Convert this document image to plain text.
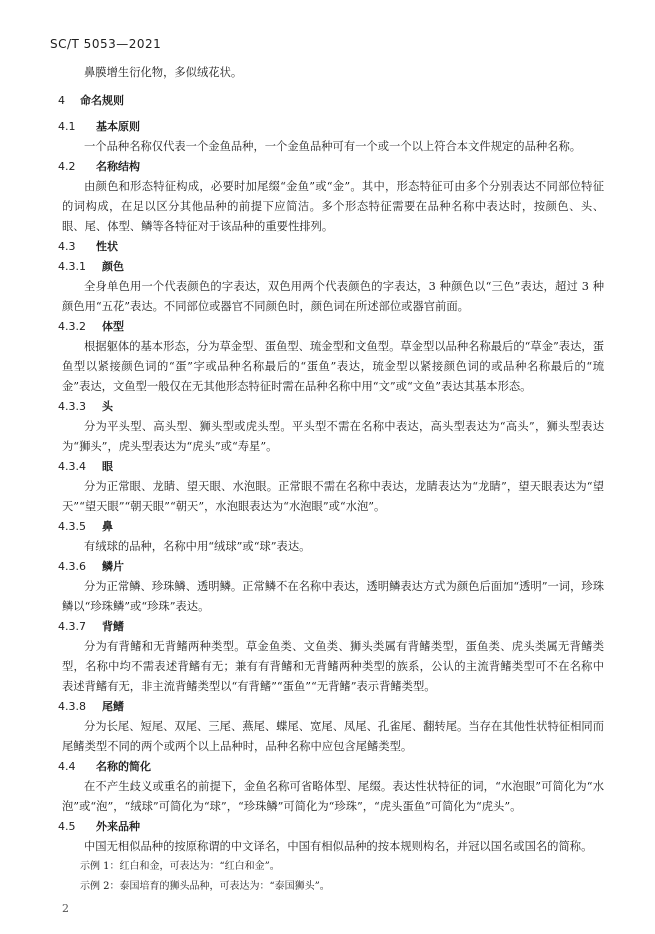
SC/T 5053—2021

鼻膜增生衍化物，多似绒花状。

4 命名规则
4.1 基本原则

一个品种名称仅代表一个金鱼品种，一个金鱼品种可有一个或一个以上符合本文件规定的品种名称。

4.2 名称结构

由颜色和形态特征构成，必要时加尾缀“金鱼”或“金”。其中，形态特征可由多个分别表达不同部位特征的词构成，在足以区分其他品种的前提下应简洁。多个形态特征需要在品种名称中表达时，按颜色、头、眼、尾、体型、鳞等各特征对于该品种的重要性排列。

4.3 性状
4.3.1 颜色

全身单色用一个代表颜色的字表达，双色用两个代表颜色的字表达，3 种颜色以“三色”表达，超过 3 种颜色用“五花”表达。不同部位或器官不同颜色时，颜色词在所述部位或器官前面。

4.3.2 体型

根据躯体的基本形态，分为草金型、蛋鱼型、琉金型和文鱼型。草金型以品种名称最后的“草金”表达，蛋鱼型以紧接颜色词的“蛋”字或品种名称最后的“蛋鱼”表达，琉金型以紧接颜色词的或品种名称最后的“琉金”表达，文鱼型一般仅在无其他形态特征时需在品种名称中用“文”或“文鱼”表达其基本形态。

4.3.3 头

分为平头型、高头型、狮头型或虎头型。平头型不需在名称中表达，高头型表达为“高头”，狮头型表达为“狮头”，虎头型表达为“虎头”或“寿星”。

4.3.4 眼

分为正常眼、龙睛、望天眼、水泡眼。正常眼不需在名称中表达，龙睛表达为“龙睛”，望天眼表达为“望天”“望天眼”“朝天眼”“朝天”，水泡眼表达为“水泡眼”或“水泡”。

4.3.5 鼻

有绒球的品种，名称中用“绒球”或“球”表达。

4.3.6 鳞片

分为正常鳞、珍珠鳞、透明鳞。正常鳞不在名称中表达，透明鳞表达方式为颜色后面加“透明”一词，珍珠鳞以“珍珠鳞”或“珍珠”表达。

4.3.7 背鳍

分为有背鳍和无背鳍两种类型。草金鱼类、文鱼类、狮头类属有背鳍类型，蛋鱼类、虎头类属无背鳍类型，名称中均不需表述背鳍有无；兼有有背鳍和无背鳍两种类型的族系，公认的主流背鳍类型可不在名称中表述背鳍有无，非主流背鳍类型以“有背鳍”“蛋鱼”“无背鳍”表示背鳍类型。

4.3.8 尾鳍

分为长尾、短尾、双尾、三尾、燕尾、蝶尾、宽尾、凤尾、孔雀尾、翻转尾。当存在其他性状特征相同而尾鳍类型不同的两个或两个以上品种时，品种名称中应包含尾鳍类型。

4.4 名称的简化

在不产生歧义或重名的前提下，金鱼名称可省略体型、尾缀。表达性状特征的词，“水泡眼”可简化为“水泡”或“泡”，“绒球”可简化为“球”，“珍珠鳞”可简化为“珍珠”，“虎头蛋鱼”可简化为“虎头”。

4.5 外来品种

中国无相似品种的按原称谓的中文译名，中国有相似品种的按本规则构名，并冠以国名或国名的简称。

示例 1：红白和金，可表达为：“红白和金”。

示例 2：泰国培育的狮头品种，可表达为：“泰国狮头”。

2
